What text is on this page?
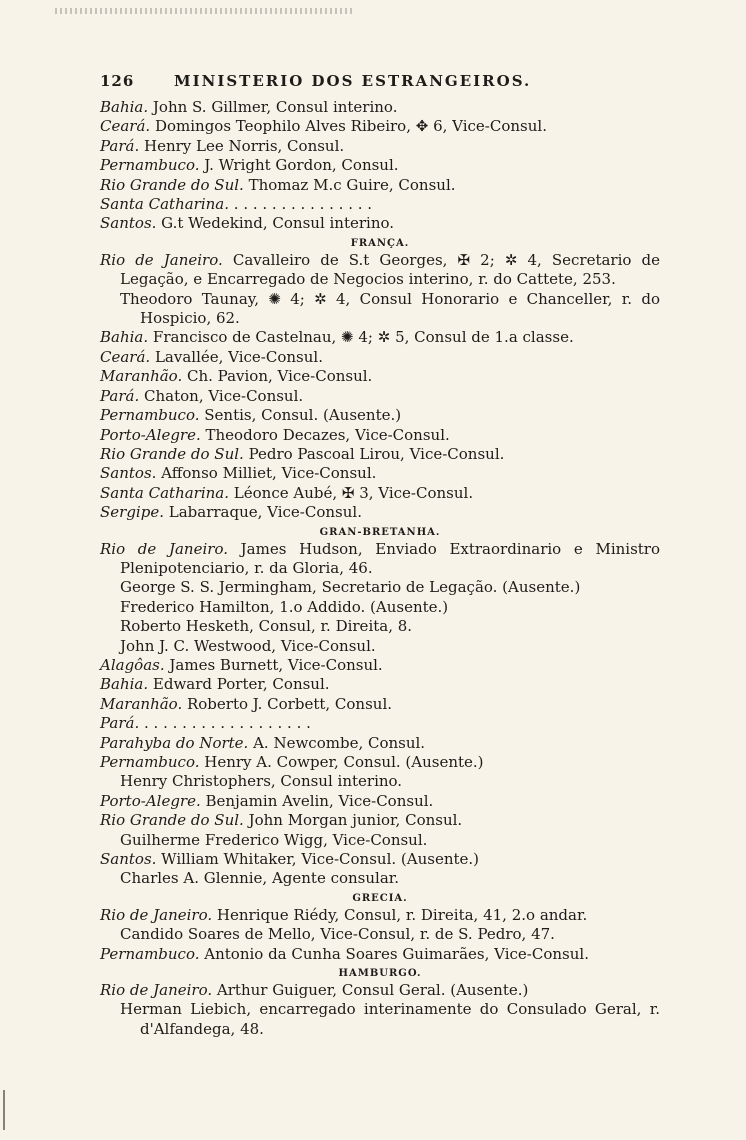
126	MINISTERIO DOS ESTRANGEIROS.

Bahia. John S. Gillmer, Consul interino.

Ceará. Domingos Teophilo Alves Ribeiro, ✥ 6, Vice-Consul.

Pará. Henry Lee Norris, Consul.

Pernambuco. J. Wright Gordon, Consul.

Rio Grande do Sul. Thomaz M.c Guire, Consul.

Santa Catharina. . . . . . . . . . . . . . . .

Santos. G.t Wedekind, Consul interino.

FRANÇA.

Rio de Janeiro. Cavalleiro de S.t Georges, ✠ 2; ✲ 4, Secretario de Legação, e Encarregado de Negocios interino, r. do Cattete, 253.

Theodoro Taunay, ✺ 4; ✲ 4, Consul Honorario e Chanceller, r. do Hospicio, 62.

Bahia. Francisco de Castelnau, ✺ 4; ✲ 5, Consul de 1.a classe.

Ceará. Lavallée, Vice-Consul.

Maranhão. Ch. Pavion, Vice-Consul.

Pará. Chaton, Vice-Consul.

Pernambuco. Sentis, Consul. (Ausente.)

Porto-Alegre. Theodoro Decazes, Vice-Consul.

Rio Grande do Sul. Pedro Pascoal Lirou, Vice-Consul.

Santos. Affonso Milliet, Vice-Consul.

Santa Catharina. Léonce Aubé, ✠ 3, Vice-Consul.

Sergipe. Labarraque, Vice-Consul.

GRAN-BRETANHA.

Rio de Janeiro. James Hudson, Enviado Extraordinario e Ministro Plenipotenciario, r. da Gloria, 46.

George S. S. Jermingham, Secretario de Legação. (Ausente.)

Frederico Hamilton, 1.o Addido. (Ausente.)

Roberto Hesketh, Consul, r. Direita, 8.

John J. C. Westwood, Vice-Consul.

Alagôas. James Burnett, Vice-Consul.

Bahia. Edward Porter, Consul.

Maranhão. Roberto J. Corbett, Consul.

Pará. . . . . . . . . . . . . . . . . . .

Parahyba do Norte. A. Newcombe, Consul.

Pernambuco. Henry A. Cowper, Consul. (Ausente.)

Henry Christophers, Consul interino.

Porto-Alegre. Benjamin Avelin, Vice-Consul.

Rio Grande do Sul. John Morgan junior, Consul.

Guilherme Frederico Wigg, Vice-Consul.

Santos. William Whitaker, Vice-Consul. (Ausente.)

Charles A. Glennie, Agente consular.

GRECIA.

Rio de Janeiro. Henrique Riédy, Consul, r. Direita, 41, 2.o andar.

Candido Soares de Mello, Vice-Consul, r. de S. Pedro, 47.

Pernambuco. Antonio da Cunha Soares Guimarães, Vice-Consul.

HAMBURGO.

Rio de Janeiro. Arthur Guiguer, Consul Geral. (Ausente.)

Herman Liebich, encarregado interinamente do Consulado Geral, r. d'Alfandega, 48.
